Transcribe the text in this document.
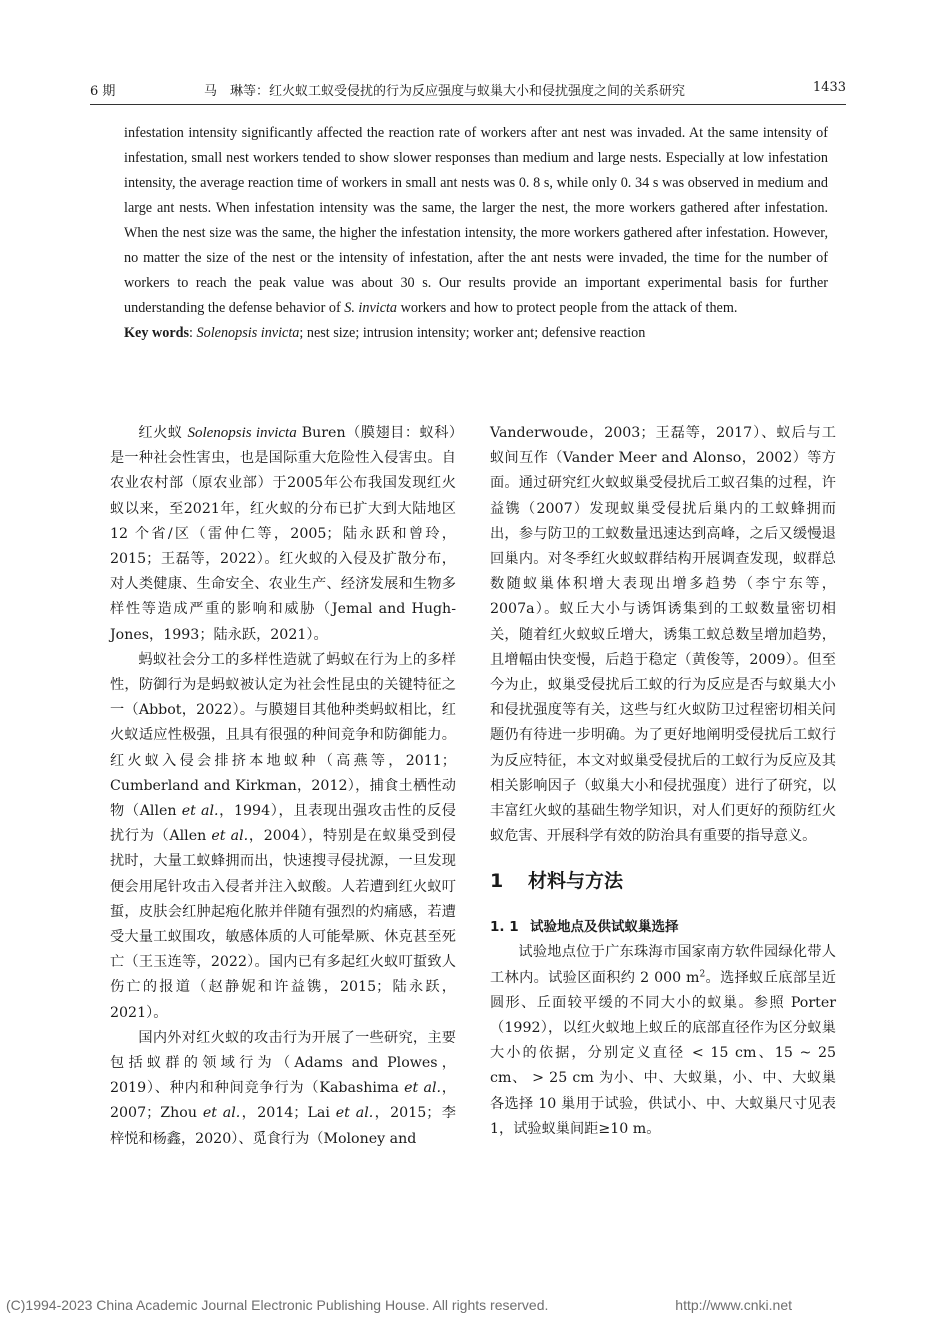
6 期	马　琳等：红火蚁工蚁受侵扰的行为反应强度与蚁巢大小和侵扰强度之间的关系研究	1433

infestation intensity significantly affected the reaction rate of workers after ant nest was invaded. At the same intensity of infestation, small nest workers tended to show slower responses than medium and large nests. Especially at low infestation intensity, the average reaction time of workers in small ant nests was 0. 8 s, while only 0. 34 s was observed in medium and large ant nests. When infestation intensity was the same, the larger the nest, the more workers gathered after infestation. When the nest size was the same, the higher the infestation intensity, the more workers gathered after infestation. However, no matter the size of the nest or the intensity of infestation, after the ant nests were invaded, the time for the number of workers to reach the peak value was about 30 s. Our results provide an important experimental basis for further understanding the defense behavior of S. invicta workers and how to protect people from the attack of them.

Key words: Solenopsis invicta; nest size; intrusion intensity; worker ant; defensive reaction

红火蚁 Solenopsis invicta Buren（膜翅目：蚁科）是一种社会性害虫，也是国际重大危险性入侵害虫。自农业农村部（原农业部）于2005年公布我国发现红火蚁以来，至2021年，红火蚁的分布已扩大到大陆地区 12 个省/区（雷仲仁等，2005；陆永跃和曾玲，2015；王磊等，2022）。红火蚁的入侵及扩散分布，对人类健康、生命安全、农业生产、经济发展和生物多样性等造成严重的影响和威胁（Jemal and Hugh-Jones，1993；陆永跃，2021）。

蚂蚁社会分工的多样性造就了蚂蚁在行为上的多样性，防御行为是蚂蚁被认定为社会性昆虫的关键特征之一（Abbot，2022）。与膜翅目其他种类蚂蚁相比，红火蚁适应性极强，且具有很强的种间竞争和防御能力。红火蚁入侵会排挤本地蚁种（高燕等，2011；Cumberland and Kirkman，2012），捕食土栖性动物（Allen et al.，1994），且表现出强攻击性的反侵扰行为（Allen et al.，2004），特别是在蚁巢受到侵扰时，大量工蚁蜂拥而出，快速搜寻侵扰源，一旦发现便会用尾针攻击入侵者并注入蚁酸。人若遭到红火蚁叮蜇，皮肤会红肿起疱化脓并伴随有强烈的灼痛感，若遭受大量工蚁围攻，敏感体质的人可能晕厥、休克甚至死亡（王玉连等，2022）。国内已有多起红火蚁叮蜇致人伤亡的报道（赵静妮和许益镌，2015；陆永跃，2021）。

国内外对红火蚁的攻击行为开展了一些研究，主要包括蚁群的领域行为（Adams and Plowes，2019）、种内和种间竞争行为（Kabashima et al.，2007；Zhou et al.，2014；Lai et al.，2015；李梓悦和杨鑫，2020）、觅食行为（Moloney and

Vanderwoude，2003；王磊等，2017）、蚁后与工蚁间互作（Vander Meer and Alonso，2002）等方面。通过研究红火蚁蚁巢受侵扰后工蚁召集的过程，许益镌（2007）发现蚁巢受侵扰后巢内的工蚁蜂拥而出，参与防卫的工蚁数量迅速达到高峰，之后又缓慢退回巢内。对冬季红火蚁蚁群结构开展调查发现，蚁群总数随蚁巢体积增大表现出增多趋势（李宁东等，2007a）。蚁丘大小与诱饵诱集到的工蚁数量密切相关，随着红火蚁蚁丘增大，诱集工蚁总数呈增加趋势，且增幅由快变慢，后趋于稳定（黄俊等，2009）。但至今为止，蚁巢受侵扰后工蚁的行为反应是否与蚁巢大小和侵扰强度等有关，这些与红火蚁防卫过程密切相关问题仍有待进一步明确。为了更好地阐明受侵扰后工蚁行为反应特征，本文对蚁巢受侵扰后的工蚁行为反应及其相关影响因子（蚁巢大小和侵扰强度）进行了研究，以丰富红火蚁的基础生物学知识，对人们更好的预防红火蚁危害、开展科学有效的防治具有重要的指导意义。

1 材料与方法
1. 1 试验地点及供试蚁巢选择

试验地点位于广东珠海市国家南方软件园绿化带人工林内。试验区面积约 2 000 $m^2$。选择蚁丘底部呈近圆形、丘面较平缓的不同大小的蚁巢。参照 Porter（1992），以红火蚁地上蚁丘的底部直径作为区分蚁巢大小的依据，分别定义直径 < 15 cm、15 ~ 25 cm、 > 25 cm 为小、中、大蚁巢，小、中、大蚁巢各选择 10 巢用于试验，供试小、中、大蚁巢尺寸见表 1，试验蚁巢间距≥10 m。

(C)1994-2023 China Academic Journal Electronic Publishing House. All rights reserved.	http://www.cnki.net
